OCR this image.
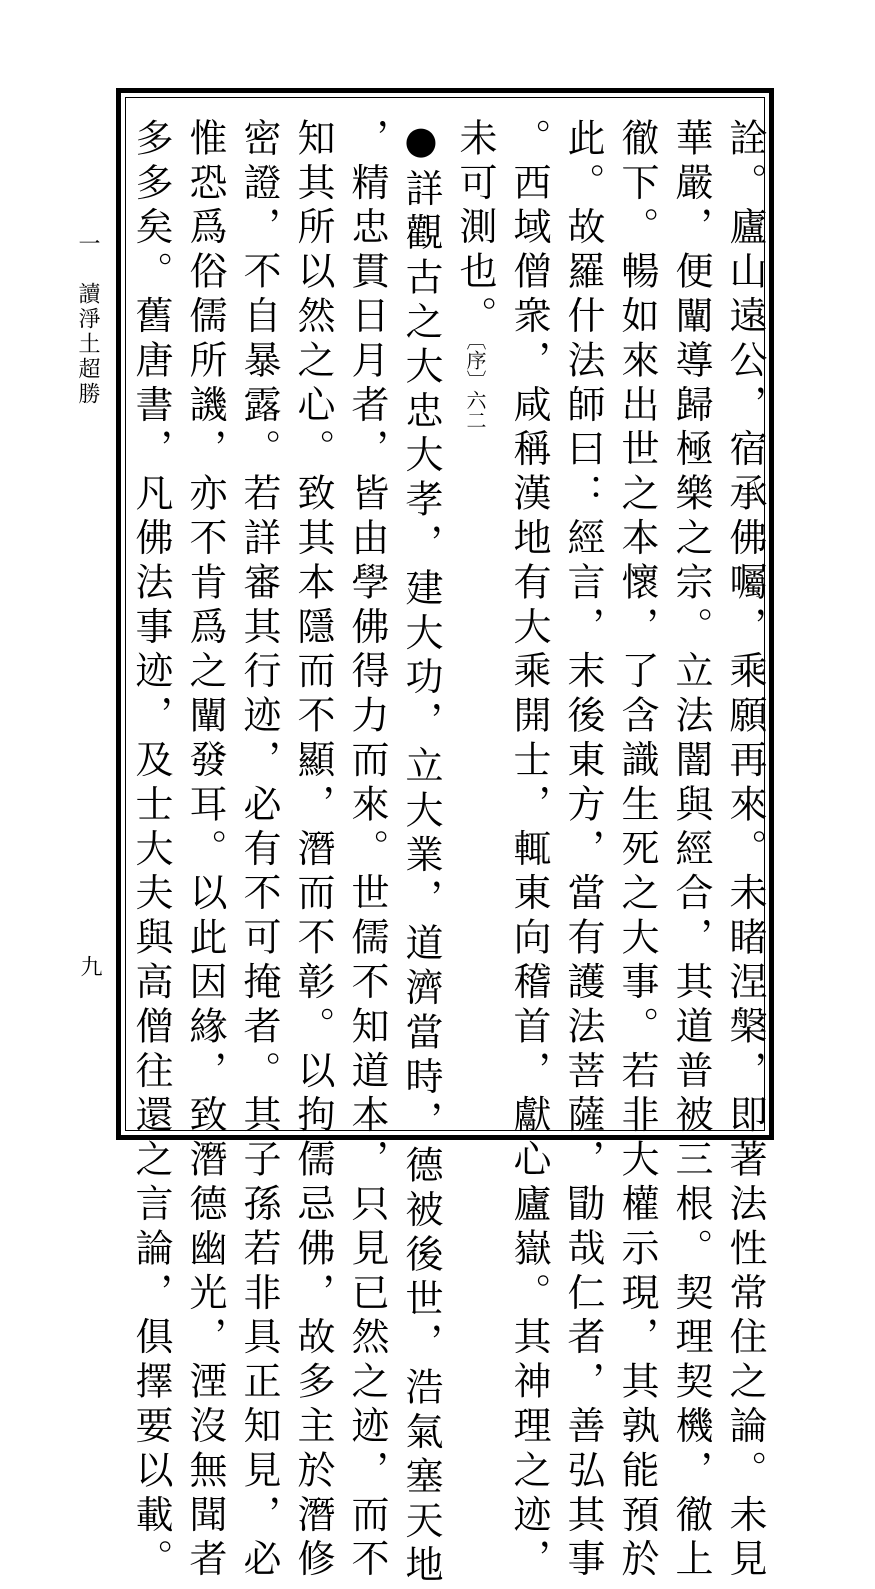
詮。廬山遠公，宿承佛囑，乘願再來。未睹涅槃，即著法性常住之論。未見
華嚴，便闡導歸極樂之宗。立法闇與經合，其道普被三根。契理契機，徹上
徹下。暢如來出世之本懷，了含識生死之大事。若非大權示現，其孰能預於
此。故羅什法師曰：經言，末後東方，當有護法菩薩，勖哉仁者，善弘其事
。西域僧衆，咸稱漢地有大乘開士，輒東向稽首，獻心廬嶽。其神理之迹，
未可測也。〔序〕六二
●詳觀古之大忠大孝，建大功，立大業，道濟當時，德被後世，浩氣塞天地
，精忠貫日月者，皆由學佛得力而來。世儒不知道本，只見已然之迹，而不
知其所以然之心。致其本隱而不顯，潛而不彰。以拘儒忌佛，故多主於潛修
密證，不自暴露。若詳審其行迹，必有不可掩者。其子孫若非具正知見，必
惟恐爲俗儒所譏，亦不肯爲之闡發耳。以此因緣，致潛德幽光，湮沒無聞者
多多矣。舊唐書，凡佛法事迹，及士大夫與高僧往還之言論，俱擇要以載。
一　讀淨土超勝
九
